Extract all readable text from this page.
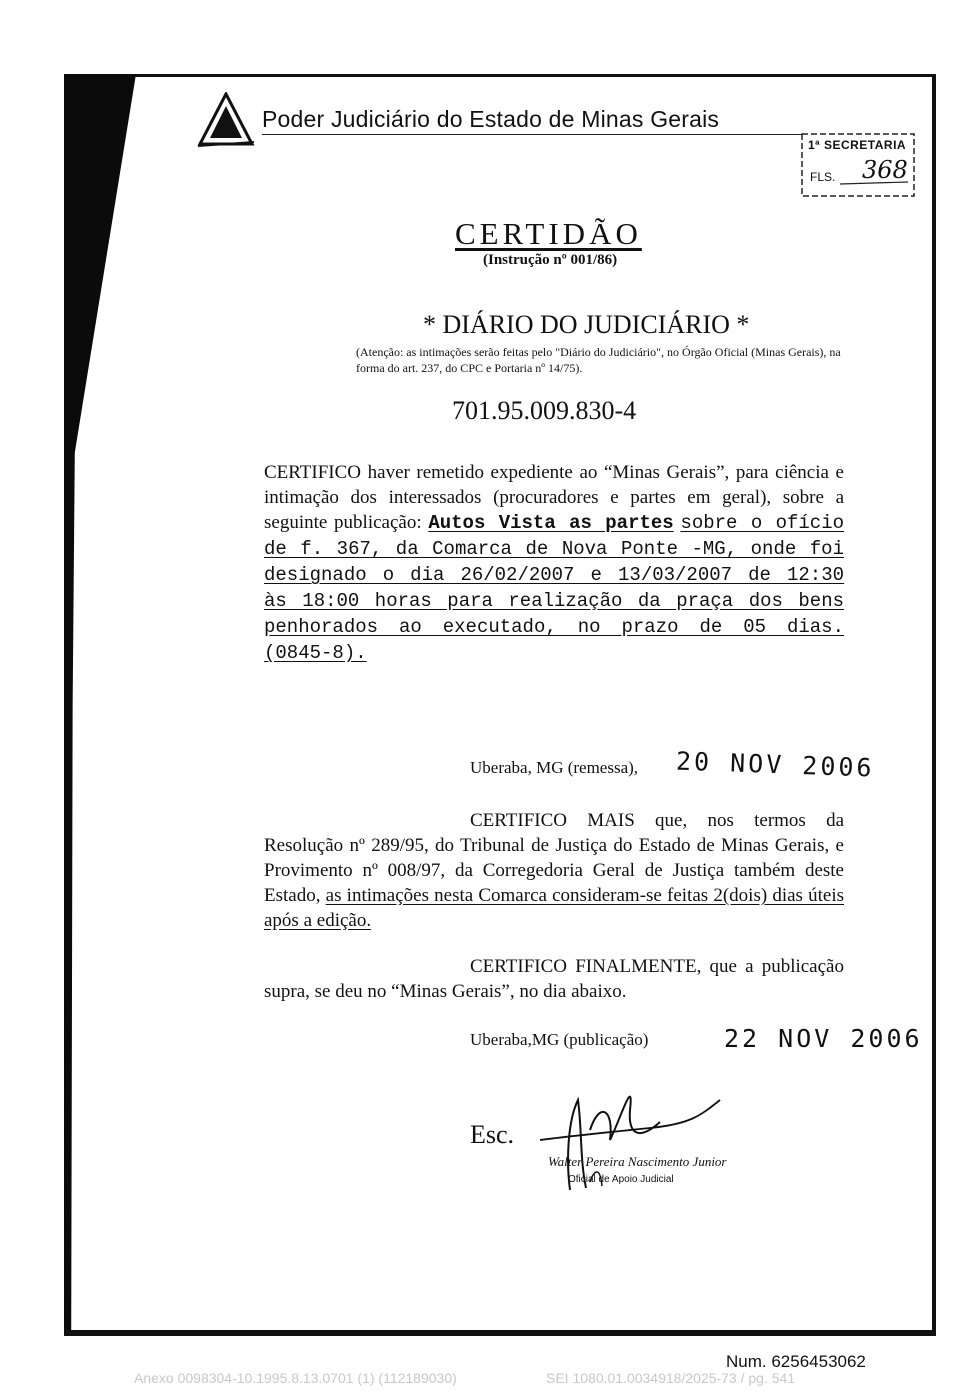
Poder Judiciário do Estado de Minas Gerais
1ª SECRETARIA
FLS. 368
CERTIDÃO
(Instrução nº 001/86)
* DIÁRIO DO JUDICIÁRIO *
(Atenção: as intimações serão feitas pelo "Diário do Judiciário", no Órgão Oficial (Minas Gerais), na forma do art. 237, do CPC e Portaria nº 14/75).
701.95.009.830-4
CERTIFICO haver remetido expediente ao “Minas Gerais”, para ciência e intimação dos interessados (procuradores e partes em geral), sobre a seguinte publicação: Autos Vista as partes sobre o ofício de f. 367, da Comarca de Nova Ponte -MG, onde foi designado o dia 26/02/2007 e 13/03/2007 de 12:30 às 18:00 horas para realização da praça dos bens penhorados ao executado, no prazo de 05 dias. (0845-8).
Uberaba, MG (remessa), 20 NOV 2006
CERTIFICO MAIS que, nos termos da Resolução nº 289/95, do Tribunal de Justiça do Estado de Minas Gerais, e Provimento nº 008/97, da Corregedoria Geral de Justiça também deste Estado, as intimações nesta Comarca consideram-se feitas 2(dois) dias úteis após a edição.
CERTIFICO FINALMENTE, que a publicação supra, se deu no “Minas Gerais”, no dia abaixo.
Uberaba,MG (publicação)	22 NOV 2006
Esc.
Walter Pereira Nascimento Junior
Oficial de Apoio Judicial
Num. 6256453062
Anexo 0098304-10.1995.8.13.0701 (1) (112189030)	SEI 1080.01.0034918/2025-73 / pg. 541
